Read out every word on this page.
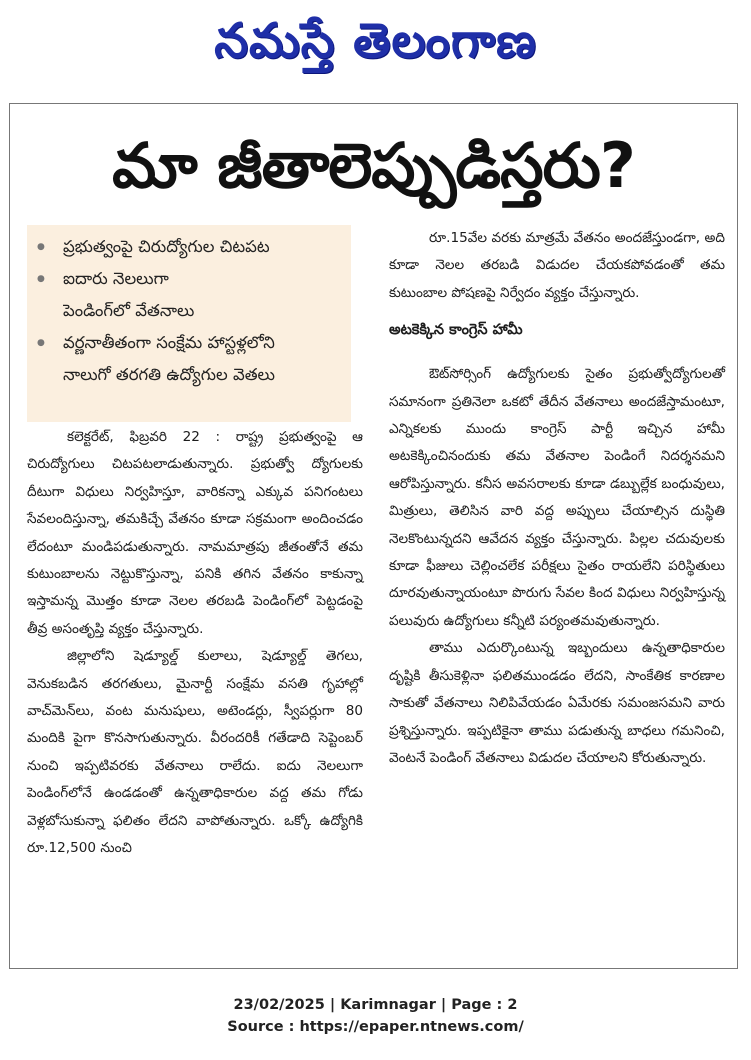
నమస్తే తెలంగాణ
మా జీతాలెప్పుడిస్తరు?
● ప్రభుత్వంపై చిరుద్యోగుల చిటపట
● ఐదారు నెలలుగా
పెండింగ్‌లో వేతనాలు
● వర్ణనాతీతంగా సంక్షేమ హాస్టళ్లలోని
నాలుగో తరగతి ఉద్యోగుల వెతలు

కలెక్టరేట్, ఫిబ్రవరి 22 : రాష్ట్ర ప్రభుత్వంపై ఆ చిరుద్యోగులు చిటపటలాడుతున్నారు. ప్రభుత్వో ద్యోగులకు దీటుగా విధులు నిర్వహిస్తూ, వారికన్నా ఎక్కువ పనిగంటలు సేవలందిస్తున్నా, తమకిచ్చే వేతనం కూడా సక్రమంగా అందించడం లేదంటూ మండిపడుతున్నారు. నామమాత్రపు జీతంతోనే తమ కుటుంబాలను నెట్టుకొస్తున్నా, పనికి తగిన వేతనం కాకున్నా ఇస్తామన్న మొత్తం కూడా నెలల తరబడి పెండింగ్‌లో పెట్టడంపై తీవ్ర అసంతృప్తి వ్యక్తం చేస్తున్నారు.

జిల్లాలోని షెడ్యూల్డ్ కులాలు, షెడ్యూల్డ్ తెగలు, వెనుకబడిన తరగతులు, మైనార్టీ సంక్షేమ వసతి గృహాల్లో వాచ్‌మెన్‌లు, వంట మనుషులు, అటెండర్లు, స్వీపర్లుగా 80 మందికి పైగా కొనసాగుతున్నారు. వీరందరికీ గతేడాది సెప్టెంబర్ నుంచి ఇప్పటివరకు వేతనాలు రాలేదు. ఐదు నెలలుగా పెండింగ్‌లోనే ఉండడంతో ఉన్నతాధికారుల వద్ద తమ గోడు వెళ్లబోసుకున్నా ఫలితం లేదని వాపోతున్నారు. ఒక్కో ఉద్యోగికి రూ.12,500 నుంచి

రూ.15వేల వరకు మాత్రమే వేతనం అందజేస్తుండగా, అది కూడా నెలల తరబడి విడుదల చేయకపోవడంతో తమ కుటుంబాల పోషణపై నిర్వేదం వ్యక్తం చేస్తున్నారు.

అటకెక్కిన కాంగ్రెస్ హామీ

ఔట్‌సోర్సింగ్ ఉద్యోగులకు సైతం ప్రభుత్వోద్యోగులతో సమానంగా ప్రతినెలా ఒకటో తేదీన వేతనాలు అందజేస్తామంటూ, ఎన్నికలకు ముందు కాంగ్రెస్ పార్టీ ఇచ్చిన హామీ అటకెక్కించినందుకు తమ వేతనాల పెండింగే నిదర్శనమని ఆరోపిస్తున్నారు. కనీస అవసరాలకు కూడా డబ్బుల్లేక బంధువులు, మిత్రులు, తెలిసిన వారి వద్ద అప్పులు చేయాల్సిన దుస్థితి నెలకొంటున్నదని ఆవేదన వ్యక్తం చేస్తున్నారు. పిల్లల చదువులకు కూడా ఫీజులు చెల్లించలేక పరీక్షలు సైతం రాయలేని పరిస్థితులు దూరవుతున్నాయంటూ పొరుగు సేవల కింద విధులు నిర్వహిస్తున్న పలువురు ఉద్యోగులు కన్నీటి పర్యంతమవుతున్నారు.

తాము ఎదుర్కొంటున్న ఇబ్బందులు ఉన్నతాధికారుల దృష్టికి తీసుకెళ్లినా ఫలితముండడం లేదని, సాంకేతిక కారణాల సాకుతో వేతనాలు నిలిపివేయడం ఏమేరకు సమంజసమని వారు ప్రశ్నిస్తున్నారు. ఇప్పటికైనా తాము పడుతున్న బాధలు గమనించి, వెంటనే పెండింగ్ వేతనాలు విడుదల చేయాలని కోరుతున్నారు.

23/02/2025 | Karimnagar | Page : 2
Source : https://epaper.ntnews.com/
